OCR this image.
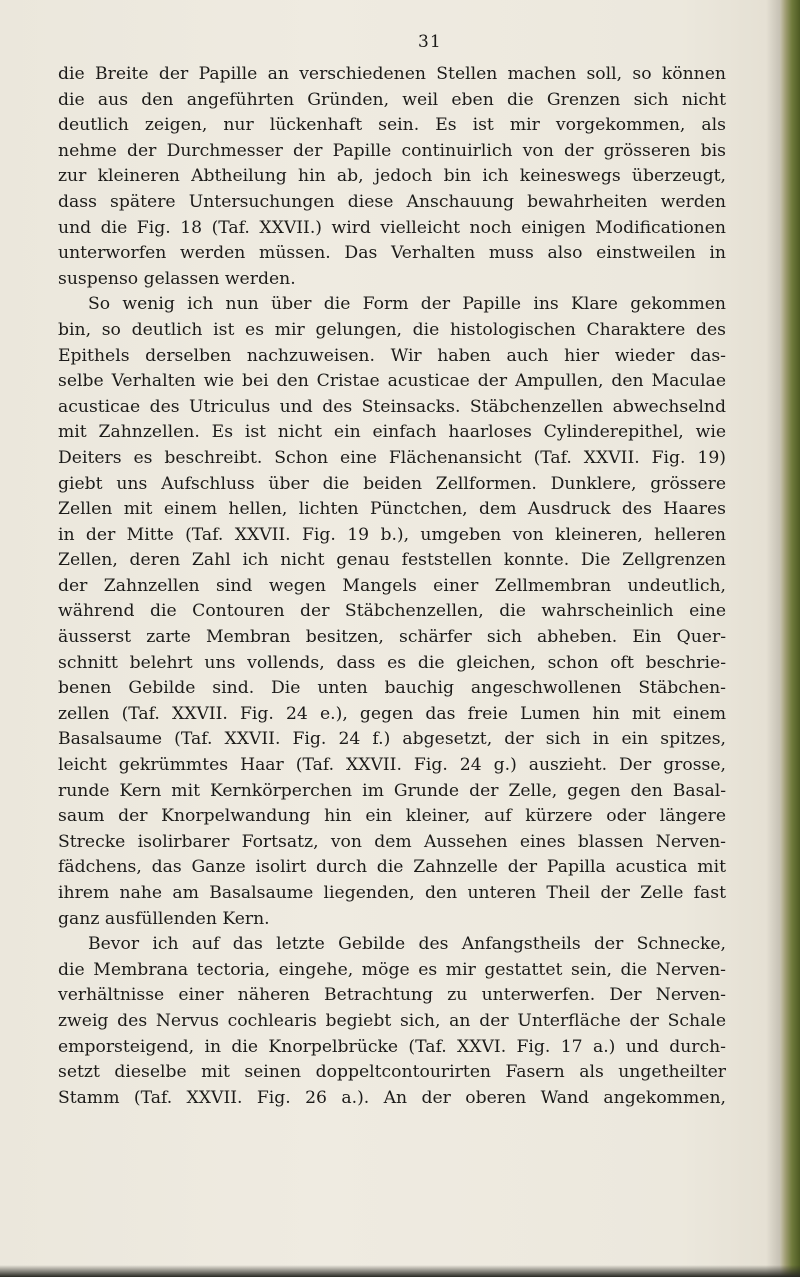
31
die Breite der Papille an verschiedenen Stellen machen soll, so können
die aus den angeführten Gründen, weil eben die Grenzen sich nicht
deutlich zeigen, nur lückenhaft sein. Es ist mir vorgekommen, als
nehme der Durchmesser der Papille continuirlich von der grösseren bis
zur kleineren Abtheilung hin ab, jedoch bin ich keineswegs überzeugt,
dass spätere Untersuchungen diese Anschauung bewahrheiten werden
und die Fig. 18 (Taf. XXVII.) wird vielleicht noch einigen Modificationen
unterworfen werden müssen. Das Verhalten muss also einstweilen in
suspenso gelassen werden.
So wenig ich nun über die Form der Papille ins Klare gekommen
bin, so deutlich ist es mir gelungen, die histologischen Charaktere des
Epithels derselben nachzuweisen. Wir haben auch hier wieder das-
selbe Verhalten wie bei den Cristae acusticae der Ampullen, den Maculae
acusticae des Utriculus und des Steinsacks. Stäbchenzellen abwechselnd
mit Zahnzellen. Es ist nicht ein einfach haarloses Cylinderepithel, wie
Deiters es beschreibt. Schon eine Flächenansicht (Taf. XXVII. Fig. 19)
giebt uns Aufschluss über die beiden Zellformen. Dunklere, grössere
Zellen mit einem hellen, lichten Pünctchen, dem Ausdruck des Haares
in der Mitte (Taf. XXVII. Fig. 19 b.), umgeben von kleineren, helleren
Zellen, deren Zahl ich nicht genau feststellen konnte. Die Zellgrenzen
der Zahnzellen sind wegen Mangels einer Zellmembran undeutlich,
während die Contouren der Stäbchenzellen, die wahrscheinlich eine
äusserst zarte Membran besitzen, schärfer sich abheben. Ein Quer-
schnitt belehrt uns vollends, dass es die gleichen, schon oft beschrie-
benen Gebilde sind. Die unten bauchig angeschwollenen Stäbchen-
zellen (Taf. XXVII. Fig. 24 e.), gegen das freie Lumen hin mit einem
Basalsaume (Taf. XXVII. Fig. 24 f.) abgesetzt, der sich in ein spitzes,
leicht gekrümmtes Haar (Taf. XXVII. Fig. 24 g.) auszieht. Der grosse,
runde Kern mit Kernkörperchen im Grunde der Zelle, gegen den Basal-
saum der Knorpelwandung hin ein kleiner, auf kürzere oder längere
Strecke isolirbarer Fortsatz, von dem Aussehen eines blassen Nerven-
fädchens, das Ganze isolirt durch die Zahnzelle der Papilla acustica mit
ihrem nahe am Basalsaume liegenden, den unteren Theil der Zelle fast
ganz ausfüllenden Kern.
Bevor ich auf das letzte Gebilde des Anfangstheils der Schnecke,
die Membrana tectoria, eingehe, möge es mir gestattet sein, die Nerven-
verhältnisse einer näheren Betrachtung zu unterwerfen. Der Nerven-
zweig des Nervus cochlearis begiebt sich, an der Unterfläche der Schale
emporsteigend, in die Knorpelbrücke (Taf. XXVI. Fig. 17 a.) und durch-
setzt dieselbe mit seinen doppeltcontourirten Fasern als ungetheilter
Stamm (Taf. XXVII. Fig. 26 a.). An der oberen Wand angekommen,
